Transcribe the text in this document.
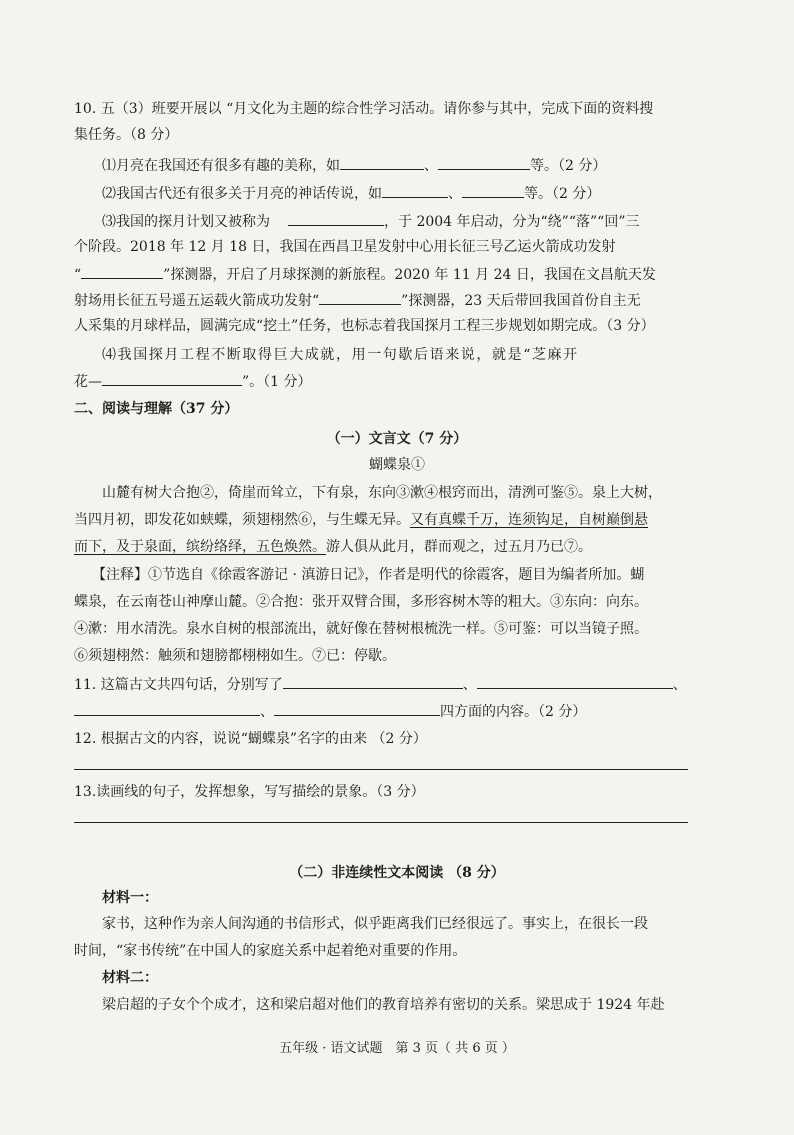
10. 五（3）班要开展以 “月文化为主题的综合性学习活动。请你参与其中，完成下面的资料搜
集任务。（8 分）
⑴月亮在我国还有很多有趣的美称，如	、	等。（2 分）
⑵我国古代还有很多关于月亮的神话传说，如	、	等。（2 分）
⑶我国的探月计划又被称为	，于 2004 年启动，分为“绕”“落”“回”三
个阶段。2018 年 12 月 18 日，我国在西昌卫星发射中心用长征三号乙运火箭成功发射
“	”探测器，开启了月球探测的新旅程。2020 年 11 月 24 日，我国在文昌航天发
射场用长征五号遥五运载火箭成功发射“	”探测器，23 天后带回我国首份自主无
人采集的月球样品，圆满完成“挖土”任务，也标志着我国探月工程三步规划如期完成。（3 分）
⑷我国探月工程不断取得巨大成就，用一句歇后语来说，就是“芝麻开
花—	”。（1 分）
二、阅读与理解（37 分）
（一）文言文（7 分）
蝴蝶泉①
山麓有树大合抱②，倚崖而耸立，下有泉，东向③漱④根窍而出，清洌可鉴⑤。泉上大树，
当四月初，即发花如蛱蝶，须翅栩然⑥，与生蝶无异。又有真蝶千万，连须钩足，自树巅倒悬
而下，及于泉面，缤纷络绎，五色焕然。游人俱从此月，群而观之，过五月乃已⑦。
【注释】①节选自《徐霞客游记 · 滇游日记》，作者是明代的徐霞客，题目为编者所加。蝴
蝶泉，在云南苍山神摩山麓。②合抱：张开双臂合围，多形容树木等的粗大。③东向：向东。
④漱：用水清洗。泉水自树的根部流出，就好像在替树根梳洗一样。⑤可鉴：可以当镜子照。
⑥须翅栩然：触须和翅膀都栩栩如生。⑦已：停歇。
11. 这篇古文共四句话，分别写了	、	、
、	四方面的内容。（2 分）
12. 根据古文的内容，说说“蝴蝶泉”名字的由来 （2 分）
13.读画线的句子，发挥想象，写写描绘的景象。（3 分）
（二）非连续性文本阅读 （8 分）
材料一：
家书，这种作为亲人间沟通的书信形式，似乎距离我们已经很远了。事实上，在很长一段
时间，“家书传统”在中国人的家庭关系中起着绝对重要的作用。
材料二：
梁启超的子女个个成才，这和梁启超对他们的教育培养有密切的关系。梁思成于 1924 年赴
五年级 · 语文试题　第 3 页（ 共 6 页 ）
